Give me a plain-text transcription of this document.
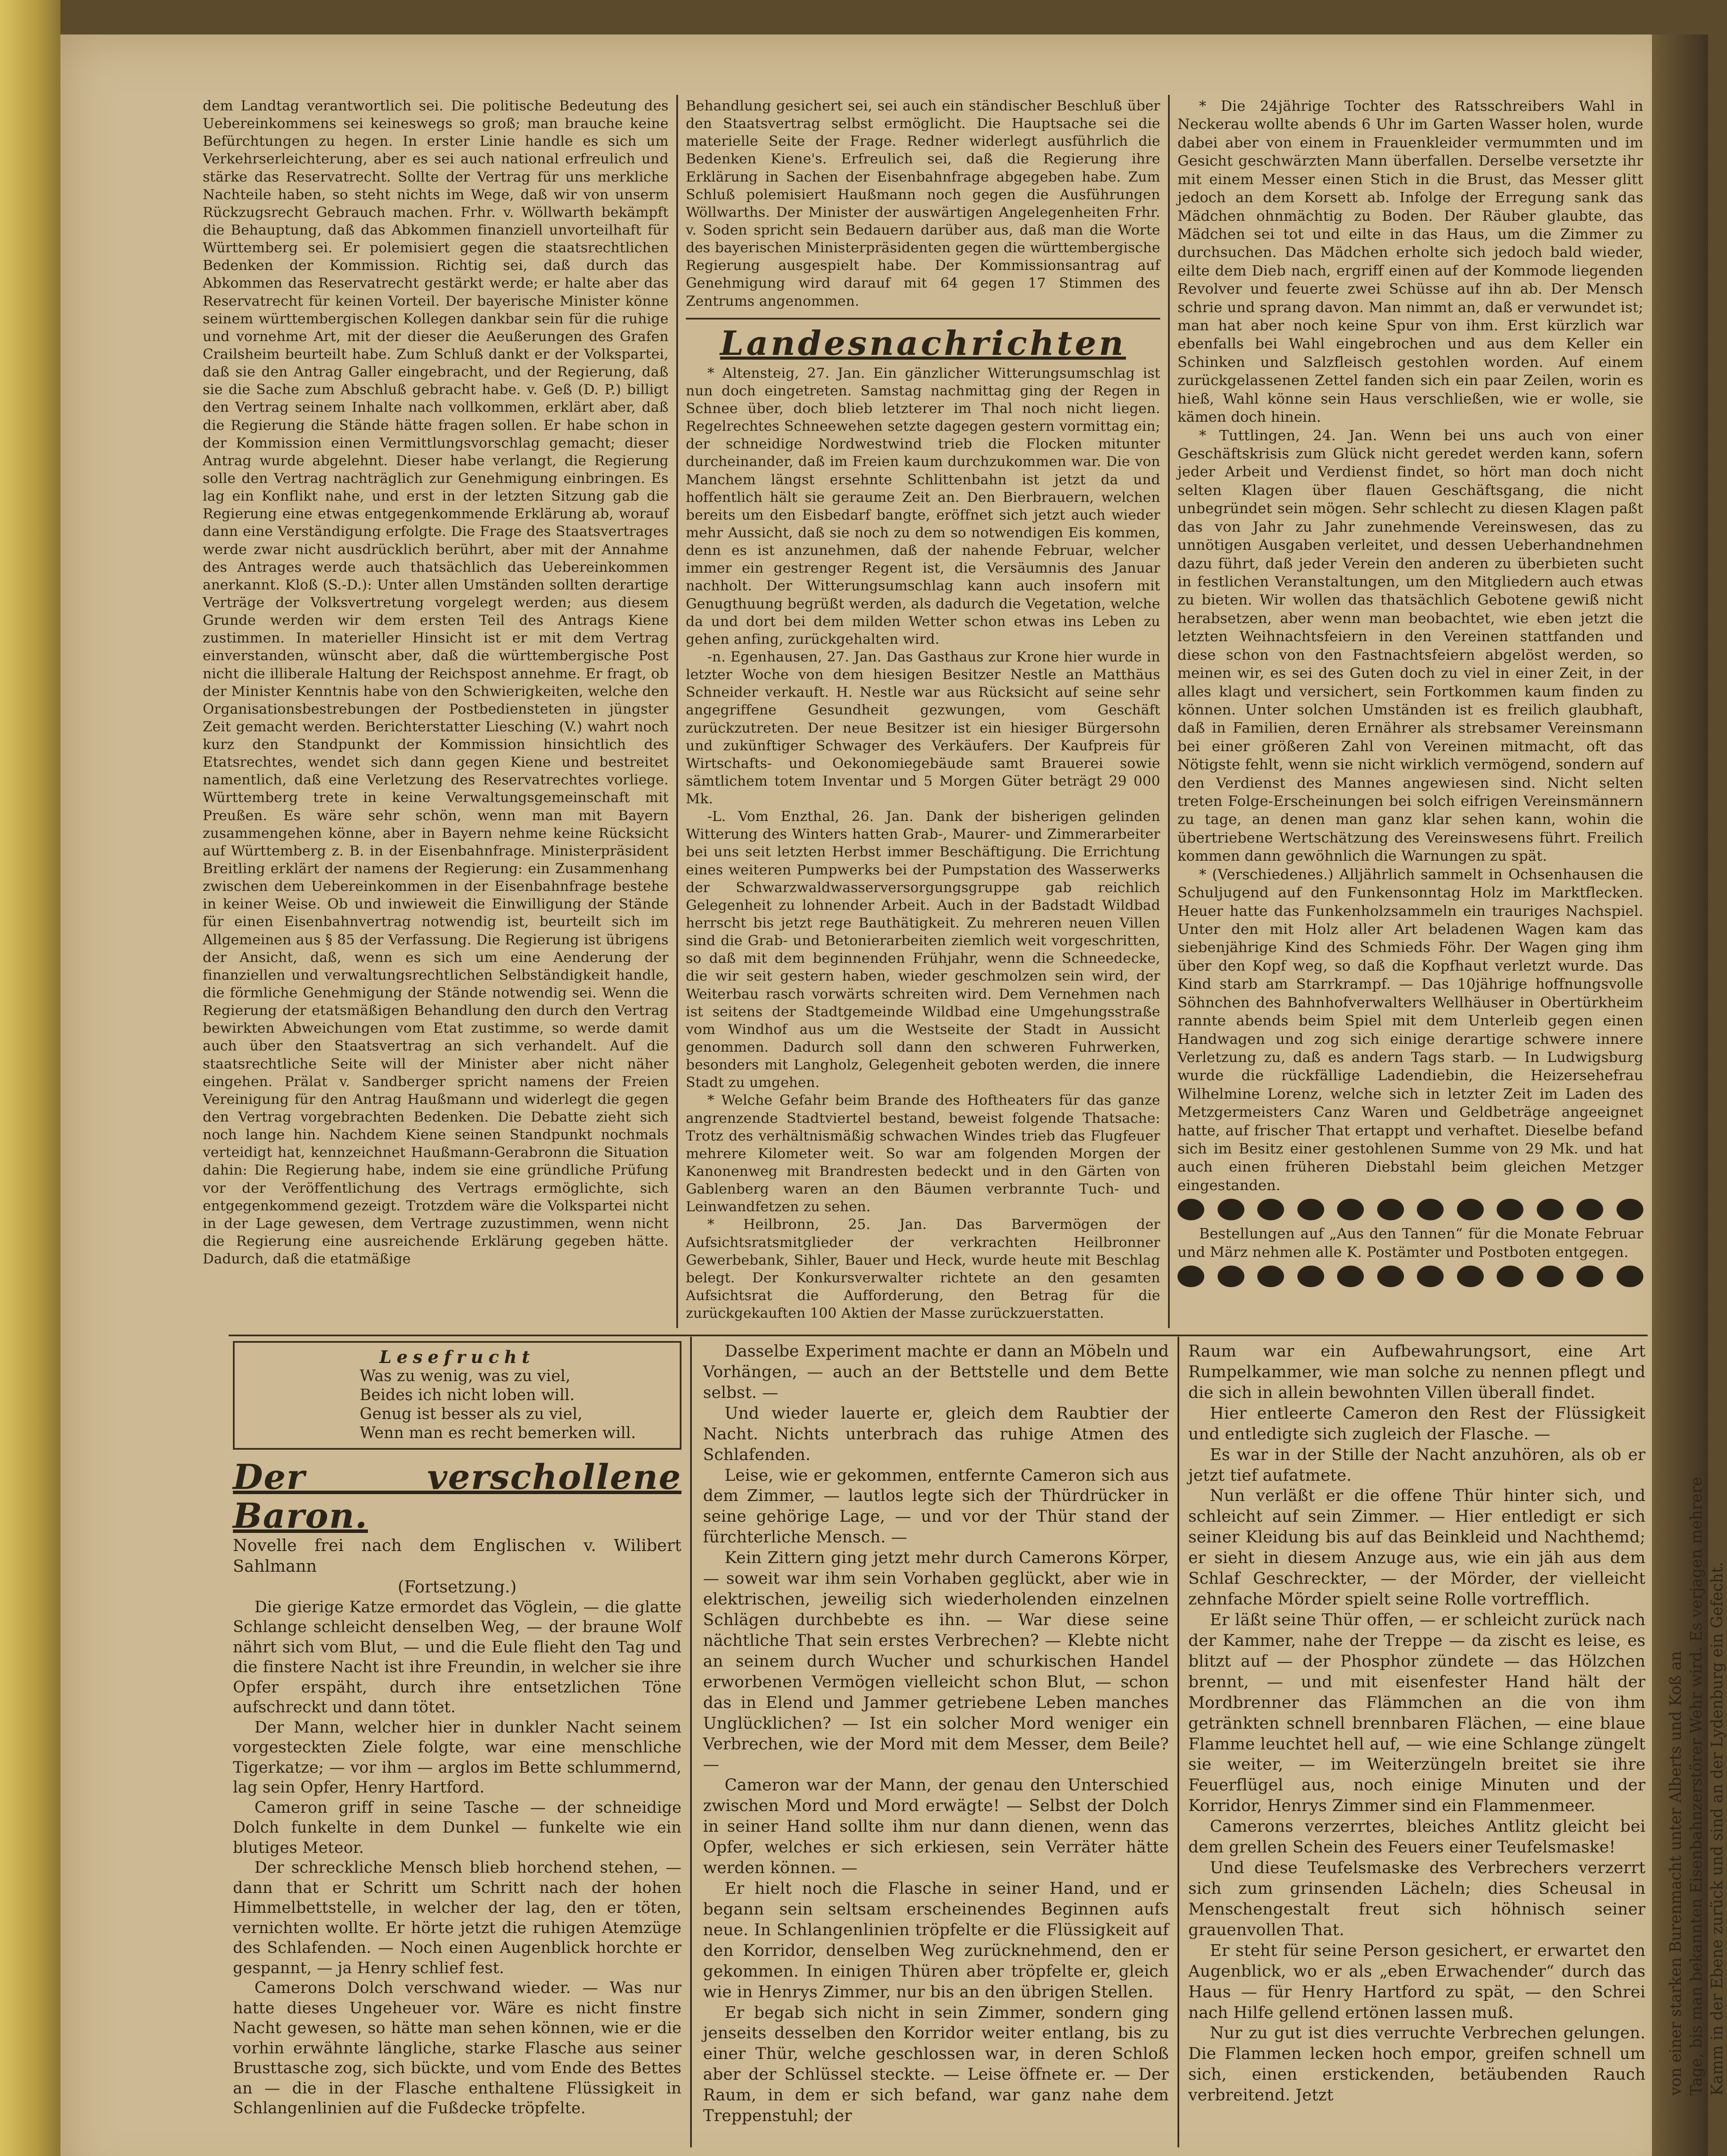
dem Landtag verantwortlich sei. Die politische Bedeutung des Uebereinkommens sei keineswegs so groß; man brauche keine Befürchtungen zu hegen. In erster Linie handle es sich um Verkehrserleichterung, aber es sei auch national erfreulich und stärke das Reservatrecht. Sollte der Vertrag für uns merkliche Nachteile haben, so steht nichts im Wege, daß wir von unserm Rückzugsrecht Gebrauch machen. Frhr. v. Wöllwarth bekämpft die Behauptung, daß das Abkommen finanziell unvorteilhaft für Württemberg sei. Er polemisiert gegen die staatsrechtlichen Bedenken der Kommission. Richtig sei, daß durch das Abkommen das Reservatrecht gestärkt werde; er halte aber das Reservatrecht für keinen Vorteil. Der bayerische Minister könne seinem württembergischen Kollegen dankbar sein für die ruhige und vornehme Art, mit der dieser die Aeußerungen des Grafen Crailsheim beurteilt habe. Zum Schluß dankt er der Volkspartei, daß sie den Antrag Galler eingebracht, und der Regierung, daß sie die Sache zum Abschluß gebracht habe. v. Geß (D. P.) billigt den Vertrag seinem Inhalte nach vollkommen, erklärt aber, daß die Regierung die Stände hätte fragen sollen. Er habe schon in der Kommission einen Vermittlungsvorschlag gemacht; dieser Antrag wurde abgelehnt. Dieser habe verlangt, die Regierung solle den Vertrag nachträglich zur Genehmigung einbringen. Es lag ein Konflikt nahe, und erst in der letzten Sitzung gab die Regierung eine etwas entgegenkommende Erklärung ab, worauf dann eine Verständigung erfolgte. Die Frage des Staatsvertrages werde zwar nicht ausdrücklich berührt, aber mit der Annahme des Antrages werde auch thatsächlich das Uebereinkommen anerkannt. Kloß (S.-D.): Unter allen Umständen sollten derartige Verträge der Volksvertretung vorgelegt werden; aus diesem Grunde werden wir dem ersten Teil des Antrags Kiene zustimmen. In materieller Hinsicht ist er mit dem Vertrag einverstanden, wünscht aber, daß die württembergische Post nicht die illiberale Haltung der Reichspost annehme. Er fragt, ob der Minister Kenntnis habe von den Schwierigkeiten, welche den Organisationsbestrebungen der Postbediensteten in jüngster Zeit gemacht werden. Berichterstatter Liesching (V.) wahrt noch kurz den Standpunkt der Kommission hinsichtlich des Etatsrechtes, wendet sich dann gegen Kiene und bestreitet namentlich, daß eine Verletzung des Reservatrechtes vorliege. Württemberg trete in keine Verwaltungsgemeinschaft mit Preußen. Es wäre sehr schön, wenn man mit Bayern zusammengehen könne, aber in Bayern nehme keine Rücksicht auf Württemberg z. B. in der Eisenbahnfrage. Ministerpräsident Breitling erklärt der namens der Regierung: ein Zusammenhang zwischen dem Uebereinkommen in der Eisenbahnfrage bestehe in keiner Weise. Ob und inwieweit die Einwilligung der Stände für einen Eisenbahnvertrag notwendig ist, beurteilt sich im Allgemeinen aus § 85 der Verfassung. Die Regierung ist übrigens der Ansicht, daß, wenn es sich um eine Aenderung der finanziellen und verwaltungsrechtlichen Selbständigkeit handle, die förmliche Genehmigung der Stände notwendig sei. Wenn die Regierung der etatsmäßigen Behandlung den durch den Vertrag bewirkten Abweichungen vom Etat zustimme, so werde damit auch über den Staatsvertrag an sich verhandelt. Auf die staatsrechtliche Seite will der Minister aber nicht näher eingehen. Prälat v. Sandberger spricht namens der Freien Vereinigung für den Antrag Haußmann und widerlegt die gegen den Vertrag vorgebrachten Bedenken. Die Debatte zieht sich noch lange hin. Nachdem Kiene seinen Standpunkt nochmals verteidigt hat, kennzeichnet Haußmann-Gerabronn die Situation dahin: Die Regierung habe, indem sie eine gründliche Prüfung vor der Veröffentlichung des Vertrags ermöglichte, sich entgegenkommend gezeigt. Trotzdem wäre die Volkspartei nicht in der Lage gewesen, dem Vertrage zuzustimmen, wenn nicht die Regierung eine ausreichende Erklärung gegeben hätte. Dadurch, daß die etatmäßige

Behandlung gesichert sei, sei auch ein ständischer Beschluß über den Staatsvertrag selbst ermöglicht. Die Hauptsache sei die materielle Seite der Frage. Redner widerlegt ausführlich die Bedenken Kiene's. Erfreulich sei, daß die Regierung ihre Erklärung in Sachen der Eisenbahnfrage abgegeben habe. Zum Schluß polemisiert Haußmann noch gegen die Ausführungen Wöllwarths. Der Minister der auswärtigen Angelegenheiten Frhr. v. Soden spricht sein Bedauern darüber aus, daß man die Worte des bayerischen Ministerpräsidenten gegen die württembergische Regierung ausgespielt habe. Der Kommissionsantrag auf Genehmigung wird darauf mit 64 gegen 17 Stimmen des Zentrums angenommen.

Landesnachrichten

* Altensteig, 27. Jan. Ein gänzlicher Witterungsumschlag ist nun doch eingetreten. Samstag nachmittag ging der Regen in Schnee über, doch blieb letzterer im Thal noch nicht liegen. Regelrechtes Schneewehen setzte dagegen gestern vormittag ein; der schneidige Nordwestwind trieb die Flocken mitunter durcheinander, daß im Freien kaum durchzukommen war. Die von Manchem längst ersehnte Schlittenbahn ist jetzt da und hoffentlich hält sie geraume Zeit an. Den Bierbrauern, welchen bereits um den Eisbedarf bangte, eröffnet sich jetzt auch wieder mehr Aussicht, daß sie noch zu dem so notwendigen Eis kommen, denn es ist anzunehmen, daß der nahende Februar, welcher immer ein gestrenger Regent ist, die Versäumnis des Januar nachholt. Der Witterungsumschlag kann auch insofern mit Genugthuung begrüßt werden, als dadurch die Vegetation, welche da und dort bei dem milden Wetter schon etwas ins Leben zu gehen anfing, zurückgehalten wird.

-n. Egenhausen, 27. Jan. Das Gasthaus zur Krone hier wurde in letzter Woche von dem hiesigen Besitzer Nestle an Matthäus Schneider verkauft. H. Nestle war aus Rücksicht auf seine sehr angegriffene Gesundheit gezwungen, vom Geschäft zurückzutreten. Der neue Besitzer ist ein hiesiger Bürgersohn und zukünftiger Schwager des Verkäufers. Der Kaufpreis für Wirtschafts- und Oekonomiegebäude samt Brauerei sowie sämtlichem totem Inventar und 5 Morgen Güter beträgt 29 000 Mk.

-L. Vom Enzthal, 26. Jan. Dank der bisherigen gelinden Witterung des Winters hatten Grab-, Maurer- und Zimmerarbeiter bei uns seit letzten Herbst immer Beschäftigung. Die Errichtung eines weiteren Pumpwerks bei der Pumpstation des Wasserwerks der Schwarzwaldwasserversorgungsgruppe gab reichlich Gelegenheit zu lohnender Arbeit. Auch in der Badstadt Wildbad herrscht bis jetzt rege Bauthätigkeit. Zu mehreren neuen Villen sind die Grab- und Betonierarbeiten ziemlich weit vorgeschritten, so daß mit dem beginnenden Frühjahr, wenn die Schneedecke, die wir seit gestern haben, wieder geschmolzen sein wird, der Weiterbau rasch vorwärts schreiten wird. Dem Vernehmen nach ist seitens der Stadtgemeinde Wildbad eine Umgehungsstraße vom Windhof aus um die Westseite der Stadt in Aussicht genommen. Dadurch soll dann den schweren Fuhrwerken, besonders mit Langholz, Gelegenheit geboten werden, die innere Stadt zu umgehen.

* Welche Gefahr beim Brande des Hoftheaters für das ganze angrenzende Stadtviertel bestand, beweist folgende Thatsache: Trotz des verhältnismäßig schwachen Windes trieb das Flugfeuer mehrere Kilometer weit. So war am folgenden Morgen der Kanonenweg mit Brandresten bedeckt und in den Gärten von Gablenberg waren an den Bäumen verbrannte Tuch- und Leinwandfetzen zu sehen.

* Heilbronn, 25. Jan. Das Barvermögen der Aufsichtsratsmitglieder der verkrachten Heilbronner Gewerbebank, Sihler, Bauer und Heck, wurde heute mit Beschlag belegt. Der Konkursverwalter richtete an den gesamten Aufsichtsrat die Aufforderung, den Betrag für die zurückgekauften 100 Aktien der Masse zurückzuerstatten.

* Die 24jährige Tochter des Ratsschreibers Wahl in Neckerau wollte abends 6 Uhr im Garten Wasser holen, wurde dabei aber von einem in Frauenkleider vermummten und im Gesicht geschwärzten Mann überfallen. Derselbe versetzte ihr mit einem Messer einen Stich in die Brust, das Messer glitt jedoch an dem Korsett ab. Infolge der Erregung sank das Mädchen ohnmächtig zu Boden. Der Räuber glaubte, das Mädchen sei tot und eilte in das Haus, um die Zimmer zu durchsuchen. Das Mädchen erholte sich jedoch bald wieder, eilte dem Dieb nach, ergriff einen auf der Kommode liegenden Revolver und feuerte zwei Schüsse auf ihn ab. Der Mensch schrie und sprang davon. Man nimmt an, daß er verwundet ist; man hat aber noch keine Spur von ihm. Erst kürzlich war ebenfalls bei Wahl eingebrochen und aus dem Keller ein Schinken und Salzfleisch gestohlen worden. Auf einem zurückgelassenen Zettel fanden sich ein paar Zeilen, worin es hieß, Wahl könne sein Haus verschließen, wie er wolle, sie kämen doch hinein.

* Tuttlingen, 24. Jan. Wenn bei uns auch von einer Geschäftskrisis zum Glück nicht geredet werden kann, sofern jeder Arbeit und Verdienst findet, so hört man doch nicht selten Klagen über flauen Geschäftsgang, die nicht unbegründet sein mögen. Sehr schlecht zu diesen Klagen paßt das von Jahr zu Jahr zunehmende Vereinswesen, das zu unnötigen Ausgaben verleitet, und dessen Ueberhandnehmen dazu führt, daß jeder Verein den anderen zu überbieten sucht in festlichen Veranstaltungen, um den Mitgliedern auch etwas zu bieten. Wir wollen das thatsächlich Gebotene gewiß nicht herabsetzen, aber wenn man beobachtet, wie eben jetzt die letzten Weihnachtsfeiern in den Vereinen stattfanden und diese schon von den Fastnachtsfeiern abgelöst werden, so meinen wir, es sei des Guten doch zu viel in einer Zeit, in der alles klagt und versichert, sein Fortkommen kaum finden zu können. Unter solchen Umständen ist es freilich glaubhaft, daß in Familien, deren Ernährer als strebsamer Vereinsmann bei einer größeren Zahl von Vereinen mitmacht, oft das Nötigste fehlt, wenn sie nicht wirklich vermögend, sondern auf den Verdienst des Mannes angewiesen sind. Nicht selten treten Folge-Erscheinungen bei solch eifrigen Vereinsmännern zu tage, an denen man ganz klar sehen kann, wohin die übertriebene Wertschätzung des Vereinswesens führt. Freilich kommen dann gewöhnlich die Warnungen zu spät.

* (Verschiedenes.) Alljährlich sammelt in Ochsenhausen die Schuljugend auf den Funkensonntag Holz im Marktflecken. Heuer hatte das Funkenholzsammeln ein trauriges Nachspiel. Unter den mit Holz aller Art beladenen Wagen kam das siebenjährige Kind des Schmieds Föhr. Der Wagen ging ihm über den Kopf weg, so daß die Kopfhaut verletzt wurde. Das Kind starb am Starrkrampf. — Das 10jährige hoffnungsvolle Söhnchen des Bahnhofverwalters Wellhäuser in Obertürkheim rannte abends beim Spiel mit dem Unterleib gegen einen Handwagen und zog sich einige derartige schwere innere Verletzung zu, daß es andern Tags starb. — In Ludwigsburg wurde die rückfällige Ladendiebin, die Heizersehefrau Wilhelmine Lorenz, welche sich in letzter Zeit im Laden des Metzgermeisters Canz Waren und Geldbeträge angeeignet hatte, auf frischer That ertappt und verhaftet. Dieselbe befand sich im Besitz einer gestohlenen Summe von 29 Mk. und hat auch einen früheren Diebstahl beim gleichen Metzger eingestanden.

Bestellungen auf „Aus den Tannen“ für die Monate Februar und März nehmen alle K. Postämter und Postboten entgegen.

Lesefrucht
Was zu wenig, was zu viel,
Beides ich nicht loben will.
Genug ist besser als zu viel,
Wenn man es recht bemerken will.
Der verschollene Baron.
Novelle frei nach dem Englischen v. Wilibert Sahlmann
(Fortsetzung.)

Die gierige Katze ermordet das Vöglein, — die glatte Schlange schleicht denselben Weg, — der braune Wolf nährt sich vom Blut, — und die Eule flieht den Tag und die finstere Nacht ist ihre Freundin, in welcher sie ihre Opfer erspäht, durch ihre entsetzlichen Töne aufschreckt und dann tötet.

Der Mann, welcher hier in dunkler Nacht seinem vorgesteckten Ziele folgte, war eine menschliche Tigerkatze; — vor ihm — arglos im Bette schlummernd, lag sein Opfer, Henry Hartford.

Cameron griff in seine Tasche — der schneidige Dolch funkelte in dem Dunkel — funkelte wie ein blutiges Meteor.

Der schreckliche Mensch blieb horchend stehen, — dann that er Schritt um Schritt nach der hohen Himmelbettstelle, in welcher der lag, den er töten, vernichten wollte. Er hörte jetzt die ruhigen Atemzüge des Schlafenden. — Noch einen Augenblick horchte er gespannt, — ja Henry schlief fest.

Camerons Dolch verschwand wieder. — Was nur hatte dieses Ungeheuer vor. Wäre es nicht finstre Nacht gewesen, so hätte man sehen können, wie er die vorhin erwähnte längliche, starke Flasche aus seiner Brusttasche zog, sich bückte, und vom Ende des Bettes an — die in der Flasche enthaltene Flüssigkeit in Schlangenlinien auf die Fußdecke tröpfelte.

Dasselbe Experiment machte er dann an Möbeln und Vorhängen, — auch an der Bettstelle und dem Bette selbst. —

Und wieder lauerte er, gleich dem Raubtier der Nacht. Nichts unterbrach das ruhige Atmen des Schlafenden.

Leise, wie er gekommen, entfernte Cameron sich aus dem Zimmer, — lautlos legte sich der Thürdrücker in seine gehörige Lage, — und vor der Thür stand der fürchterliche Mensch. —

Kein Zittern ging jetzt mehr durch Camerons Körper, — soweit war ihm sein Vorhaben geglückt, aber wie in elektrischen, jeweilig sich wiederholenden einzelnen Schlägen durchbebte es ihn. — War diese seine nächtliche That sein erstes Verbrechen? — Klebte nicht an seinem durch Wucher und schurkischen Handel erworbenen Vermögen vielleicht schon Blut, — schon das in Elend und Jammer getriebene Leben manches Unglücklichen? — Ist ein solcher Mord weniger ein Verbrechen, wie der Mord mit dem Messer, dem Beile? —

Cameron war der Mann, der genau den Unterschied zwischen Mord und Mord erwägte! — Selbst der Dolch in seiner Hand sollte ihm nur dann dienen, wenn das Opfer, welches er sich erkiesen, sein Verräter hätte werden können. —

Er hielt noch die Flasche in seiner Hand, und er begann sein seltsam erscheinendes Beginnen aufs neue. In Schlangenlinien tröpfelte er die Flüssigkeit auf den Korridor, denselben Weg zurücknehmend, den er gekommen. In einigen Thüren aber tröpfelte er, gleich wie in Henrys Zimmer, nur bis an den übrigen Stellen.

Er begab sich nicht in sein Zimmer, sondern ging jenseits desselben den Korridor weiter entlang, bis zu einer Thür, welche geschlossen war, in deren Schloß aber der Schlüssel steckte. — Leise öffnete er. — Der Raum, in dem er sich befand, war ganz nahe dem Treppenstuhl; der

Raum war ein Aufbewahrungsort, eine Art Rumpelkammer, wie man solche zu nennen pflegt und die sich in allein bewohnten Villen überall findet.

Hier entleerte Cameron den Rest der Flüssigkeit und entledigte sich zugleich der Flasche. —

Es war in der Stille der Nacht anzuhören, als ob er jetzt tief aufatmete.

Nun verläßt er die offene Thür hinter sich, und schleicht auf sein Zimmer. — Hier entledigt er sich seiner Kleidung bis auf das Beinkleid und Nachthemd; er sieht in diesem Anzuge aus, wie ein jäh aus dem Schlaf Geschreckter, — der Mörder, der vielleicht zehnfache Mörder spielt seine Rolle vortrefflich.

Er läßt seine Thür offen, — er schleicht zurück nach der Kammer, nahe der Treppe — da zischt es leise, es blitzt auf — der Phosphor zündete — das Hölzchen brennt, — und mit eisenfester Hand hält der Mordbrenner das Flämmchen an die von ihm getränkten schnell brennbaren Flächen, — eine blaue Flamme leuchtet hell auf, — wie eine Schlange züngelt sie weiter, — im Weiterzüngeln breitet sie ihre Feuerflügel aus, noch einige Minuten und der Korridor, Henrys Zimmer sind ein Flammenmeer.

Camerons verzerrtes, bleiches Antlitz gleicht bei dem grellen Schein des Feuers einer Teufelsmaske!

Und diese Teufelsmaske des Verbrechers verzerrt sich zum grinsenden Lächeln; dies Scheusal in Menschengestalt freut sich höhnisch seiner grauenvollen That.

Er steht für seine Person gesichert, er erwartet den Augenblick, wo er als „eben Erwachender“ durch das Haus — für Henry Hartford zu spät, — den Schrei nach Hilfe gellend ertönen lassen muß.

Nur zu gut ist dies verruchte Verbrechen gelungen. Die Flammen lecken hoch empor, greifen schnell um sich, einen erstickenden, betäubenden Rauch verbreitend. Jetzt	von einer starken Burenmacht unter Alberts und Koß an Tage, bis man bekannten Eisenbahnzerstörer Wehr wird. Es verjagen mehrere Kamm in der Ebene zurück und sind an der Lydenburg ein Gefecht.
